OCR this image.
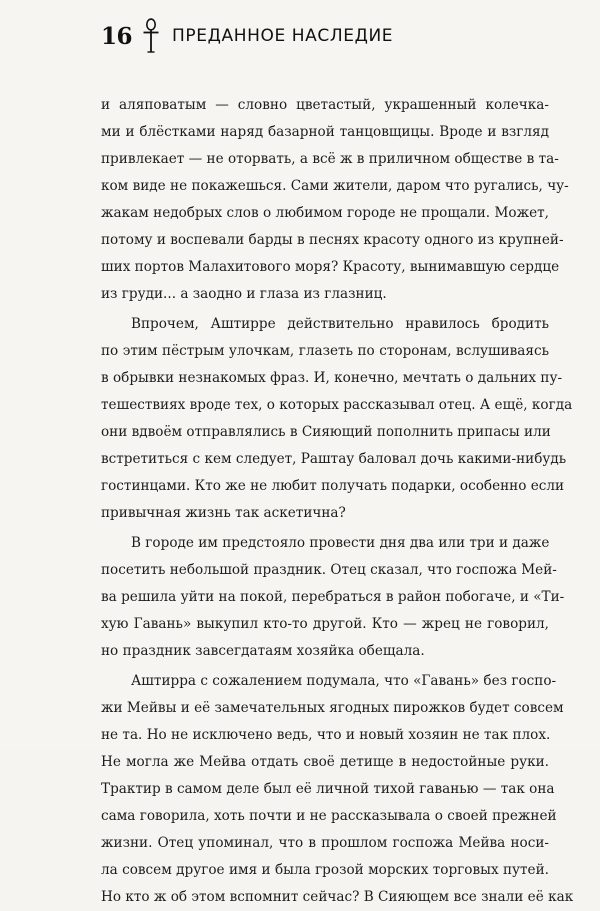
16 ПРЕДАННОЕ НАСЛЕДИЕ
и аляповатым — словно цветастый, украшенный колечка-
ми и блёстками наряд базарной танцовщицы. Вроде и взгляд
привлекает — не оторвать, а всё ж в приличном обществе в та-
ком виде не покажешься. Сами жители, даром что ругались, чу-
жакам недобрых слов о любимом городе не прощали. Может,
потому и воспевали барды в песнях красоту одного из крупней-
ших портов Малахитового моря? Красоту, вынимавшую сердце
из груди... а заодно и глаза из глазниц.
Впрочем, Аштирре действительно нравилось бродить
по этим пёстрым улочкам, глазеть по сторонам, вслушиваясь
в обрывки незнакомых фраз. И, конечно, мечтать о дальних пу-
тешествиях вроде тех, о которых рассказывал отец. А ещё, когда
они вдвоём отправлялись в Сияющий пополнить припасы или
встретиться с кем следует, Раштау баловал дочь какими-нибудь
гостинцами. Кто же не любит получать подарки, особенно если
привычная жизнь так аскетична?
В городе им предстояло провести дня два или три и даже
посетить небольшой праздник. Отец сказал, что госпожа Мей-
ва решила уйти на покой, перебраться в район побогаче, и «Ти-
хую Гавань» выкупил кто-то другой. Кто — жрец не говорил,
но праздник завсегдатаям хозяйка обещала.
Аштирра с сожалением подумала, что «Гавань» без госпо-
жи Мейвы и её замечательных ягодных пирожков будет совсем
не та. Но не исключено ведь, что и новый хозяин не так плох.
Не могла же Мейва отдать своё детище в недостойные руки.
Трактир в самом деле был её личной тихой гаванью — так она
сама говорила, хоть почти и не рассказывала о своей прежней
жизни. Отец упоминал, что в прошлом госпожа Мейва носи-
ла совсем другое имя и была грозой морских торговых путей.
Но кто ж об этом вспомнит сейчас? В Сияющем все знали её как
